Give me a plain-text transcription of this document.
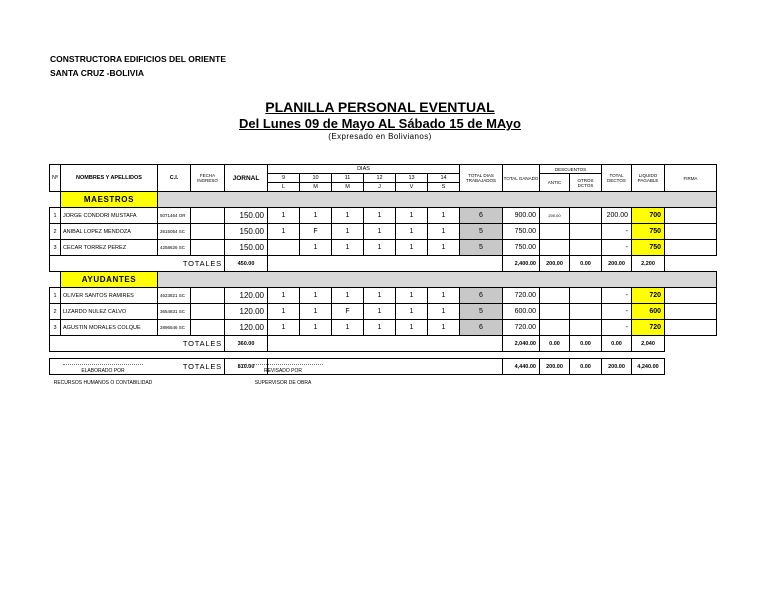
CONSTRUCTORA EDIFICIOS DEL ORIENTE
SANTA CRUZ -BOLIVIA
PLANILLA PERSONAL EVENTUAL
Del Lunes 09 de Mayo AL Sábado 15 de MAyo
(Expresado en Bolivianos)
Nº	NOMBRES Y APELLIDOS	C.I.	FECHA INGRESO	JORNAL	DIAS						TOTAL DIAS TRABAJADOS	TOTAL GANADO	DESCUENTOS		TOTAL DECTOS	LIQUIDO PAGABLE	FIRMA
					9	10	11	12	13	14			ANTIC	OTROS DCTOS			
					L	M	M	J	V	S							
	MAESTROS																
1	JORGE CONDORI MUSTAFA	5071464 OR		150.00	1	1	1	1	1	1	6	900.00	200.00		200.00	700	
2	ANIBAL LOPEZ MENDOZA	2615054 SC		150.00	1	F	1	1	1	1	5	750.00			-	750	
3	CECAR TORREZ PEREZ	4258626 SC		150.00		1	1	1	1	1	5	750.00			-	750	
TOTALES				450.00								2,400.00	200.00	0.00	200.00	2,200	
	AYUDANTES																
1	OLIVER SANTOS RAMIRES	4623821 SC		120.00	1	1	1	1	1	1	6	720.00			-	720	
2	LIZARDO NULEZ CALVO	3654831 SC		120.00	1	1	F	1	1	1	5	600.00			-	600	
3	AGUSTIN MORALES COLQUE	2896546 SC		120.00	1	1	1	1	1	1	6	720.00			-	720	
TOTALES				360.00								2,040.00	0.00	0.00	0.00	2,040	

TOTALES				810.00								4,440.00	200.00	0.00	200.00	4,240.00	
ELABORADO POR
RECURSOS HUMANOS O CONTABILIDAD
REVISADO POR
SUPERVISOR DE OBRA
